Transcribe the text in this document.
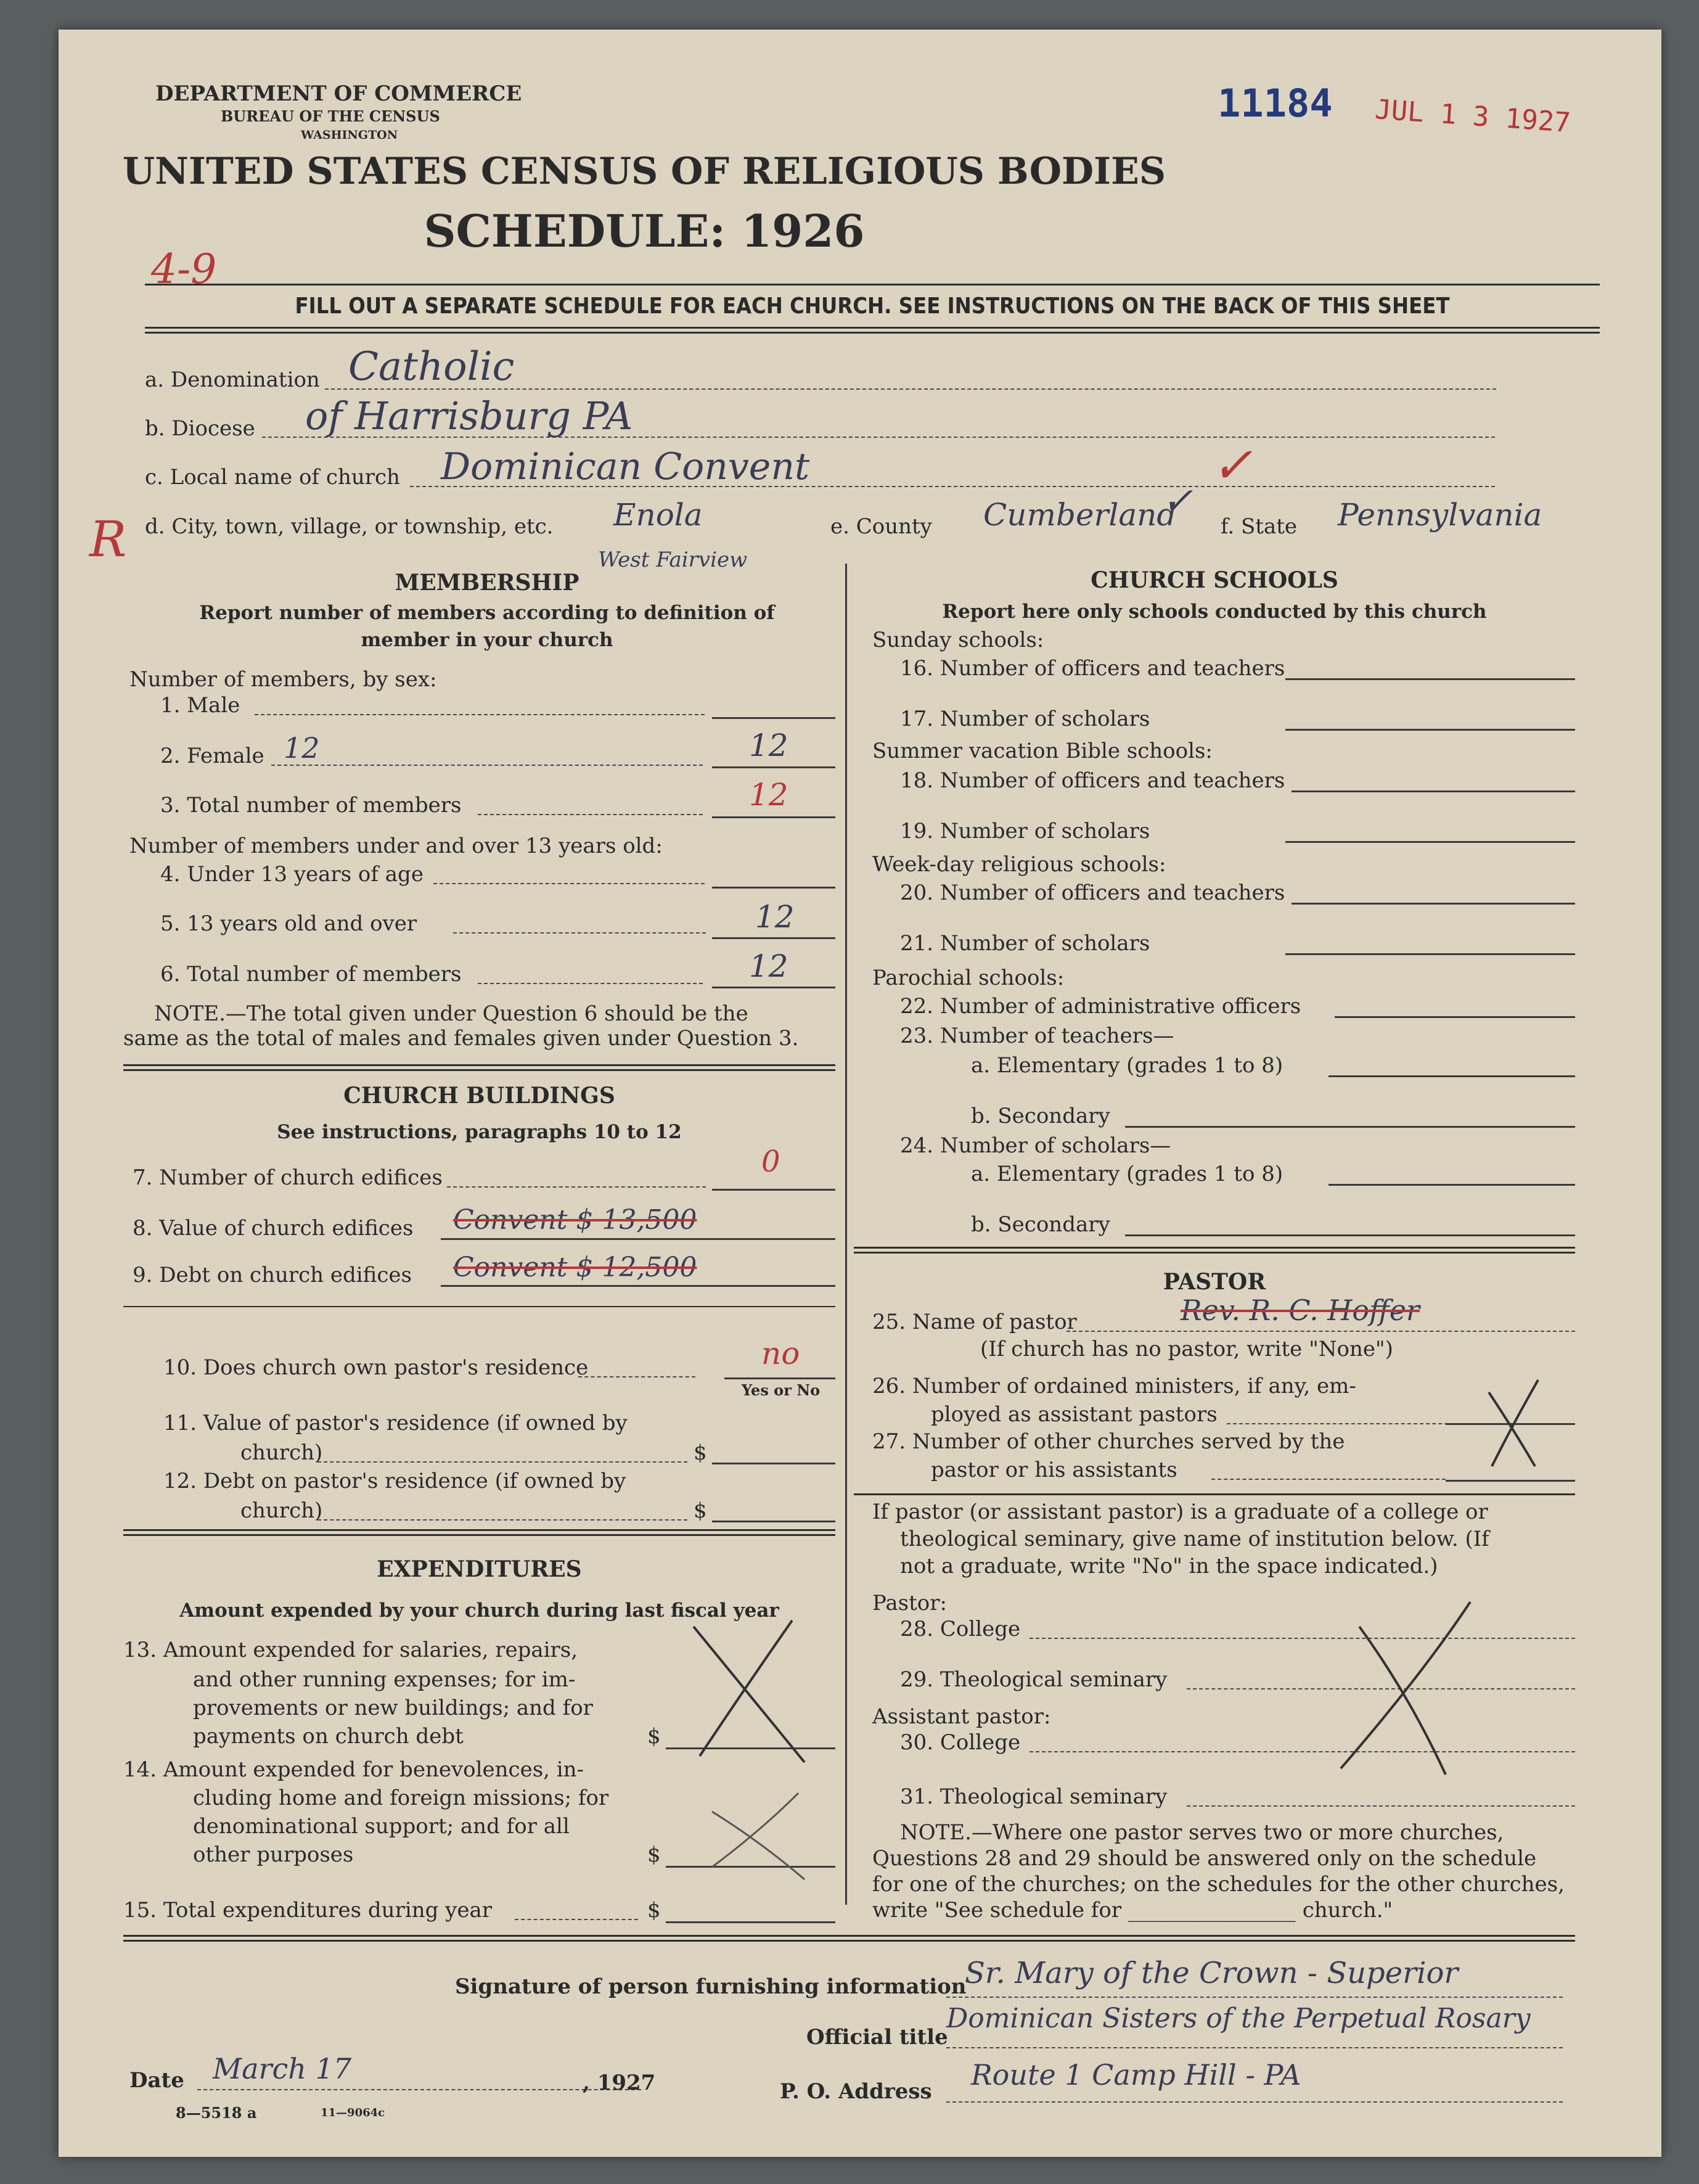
DEPARTMENT OF COMMERCE
BUREAU OF THE CENSUS
WASHINGTON
UNITED STATES CENSUS OF RELIGIOUS BODIES
SCHEDULE: 1926
11184 JUL 1 3 1927
4-9
FILL OUT A SEPARATE SCHEDULE FOR EACH CHURCH. SEE INSTRUCTIONS ON THE BACK OF THIS SHEET
a. Denomination Catholic
b. Diocese of Harrisburg PA
c. Local name of church Dominican Convent	✓
R d. City, town, village, or township, etc. Enola
West Fairview
e. County Cumberland
✓
f. State Pennsylvania
MEMBERSHIP
Report number of members according to definition of
member in your church
Number of members, by sex:
1. Male
2. Female 12	12
3. Total number of members	12
Number of members under and over 13 years old:
4. Under 13 years of age
5. 13 years old and over	12
6. Total number of members	12
NOTE.—The total given under Question 6 should be the
same as the total of males and females given under Question 3.
CHURCH BUILDINGS
See instructions, paragraphs 10 to 12
7. Number of church edifices	0
8. Value of church edifices Convent $ 13,500
9. Debt on church edifices Convent $ 12,500
10. Does church own pastor's residence	no
Yes or No
11. Value of pastor's residence (if owned by
church)	$
12. Debt on pastor's residence (if owned by
church)	$
EXPENDITURES
Amount expended by your church during last fiscal year
13. Amount expended for salaries, repairs,
and other running expenses; for im-
provements or new buildings; and for
payments on church debt	$
14. Amount expended for benevolences, in-
cluding home and foreign missions; for
denominational support; and for all
other purposes	$
15. Total expenditures during year	$
CHURCH SCHOOLS
Report here only schools conducted by this church
Sunday schools:
16. Number of officers and teachers
17. Number of scholars
Summer vacation Bible schools:
18. Number of officers and teachers
19. Number of scholars
Week-day religious schools:
20. Number of officers and teachers
21. Number of scholars
Parochial schools:
22. Number of administrative officers
23. Number of teachers—
a. Elementary (grades 1 to 8)
b. Secondary
24. Number of scholars—
a. Elementary (grades 1 to 8)
b. Secondary
PASTOR
25. Name of pastor	Rev. R. C. Hoffer
(If church has no pastor, write "None")
26. Number of ordained ministers, if any, em-
ployed as assistant pastors
27. Number of other churches served by the
pastor or his assistants
If pastor (or assistant pastor) is a graduate of a college or
theological seminary, give name of institution below. (If
not a graduate, write "No" in the space indicated.)
Pastor:
28. College
29. Theological seminary
Assistant pastor:
30. College
31. Theological seminary
NOTE.—Where one pastor serves two or more churches,
Questions 28 and 29 should be answered only on the schedule
for one of the churches; on the schedules for the other churches,
write "See schedule for ________________ church."
Signature of person furnishing information
Sr. Mary of the Crown - Superior
Official title
Dominican Sisters of the Perpetual Rosary
Date March 17	, 1927	P. O. Address Route 1 Camp Hill - PA
8—5518 a	11—9064c
